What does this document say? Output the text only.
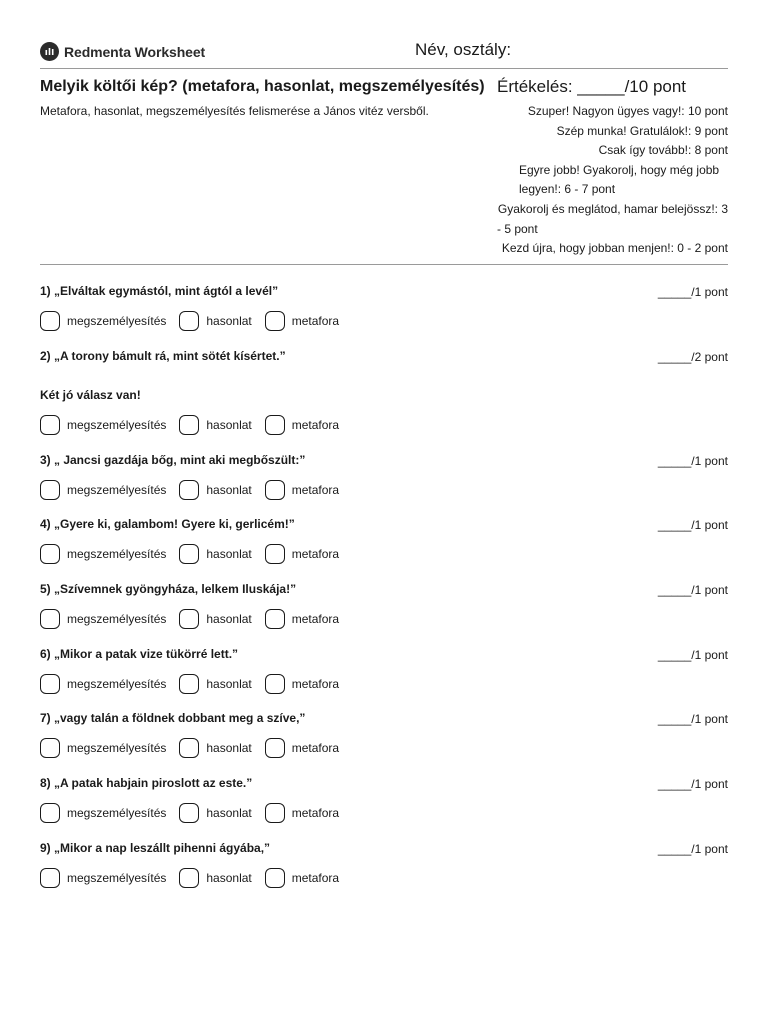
Redmenta Worksheet	Név, osztály:
Melyik költői kép? (metafora, hasonlat, megszemélyesítés)
Metafora, hasonlat, megszemélyesítés felismerése a János vitéz versből.
Értékelés: _____/10 pont
Szuper! Nagyon ügyes vagy!: 10 pont
Szép munka! Gratulálok!: 9 pont
Csak így tovább!: 8 pont
Egyre jobb! Gyakorolj, hogy még jobb
legyen!: 6 - 7 pont
Gyakorolj és meglátod, hamar belejössz!: 3
- 5 pont
Kezd újra, hogy jobban menjen!: 0 - 2 pont
1) „Elváltak egymástól, mint ágtól a levél”	_____/1 pont
megszemélyesítés	hasonlat	metafora
2) „A torony bámult rá, mint sötét kísértet.”	_____/2 pont
Két jó válasz van!
megszemélyesítés	hasonlat	metafora
3) „ Jancsi gazdája bőg, mint aki megbőszült:”	_____/1 pont
megszemélyesítés	hasonlat	metafora
4) „Gyere ki, galambom! Gyere ki, gerlicém!”	_____/1 pont
megszemélyesítés	hasonlat	metafora
5) „Szívemnek gyöngyháza, lelkem Iluskája!”	_____/1 pont
megszemélyesítés	hasonlat	metafora
6) „Mikor a patak vize tükörré lett.”	_____/1 pont
megszemélyesítés	hasonlat	metafora
7) „vagy talán a földnek dobbant meg a szíve,”	_____/1 pont
megszemélyesítés	hasonlat	metafora
8) „A patak habjain piroslott az este.”	_____/1 pont
megszemélyesítés	hasonlat	metafora
9) „Mikor a nap leszállt pihenni ágyába,”	_____/1 pont
megszemélyesítés	hasonlat	metafora
